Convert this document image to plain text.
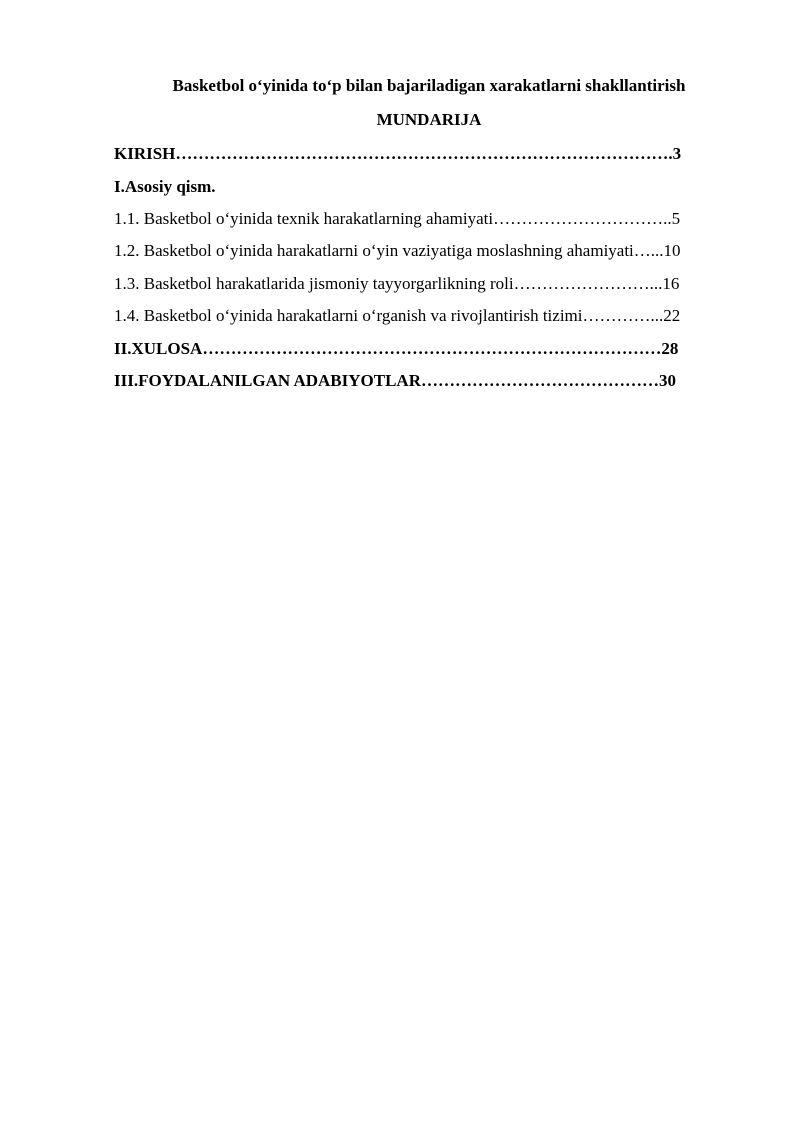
Basketbol o‘yinida to‘p bilan bajariladigan xarakatlarni shakllantirish
MUNDARIJA
KIRISH…………………………………………………………………………….3
I.Asosiy qism.
1.1. Basketbol o‘yinida texnik harakatlarning ahamiyati…………………………..5
1.2. Basketbol o‘yinida harakatlarni o‘yin vaziyatiga moslashning ahamiyati…...10
1.3. Basketbol harakatlarida jismoniy tayyorgarlikning roli……………………...16
1.4. Basketbol o‘yinida harakatlarni o‘rganish va rivojlantirish tizimi…………...22
II.XULOSA………………………………………………………………………28
III.FOYDALANILGAN ADABIYOTLAR……………………………………30
